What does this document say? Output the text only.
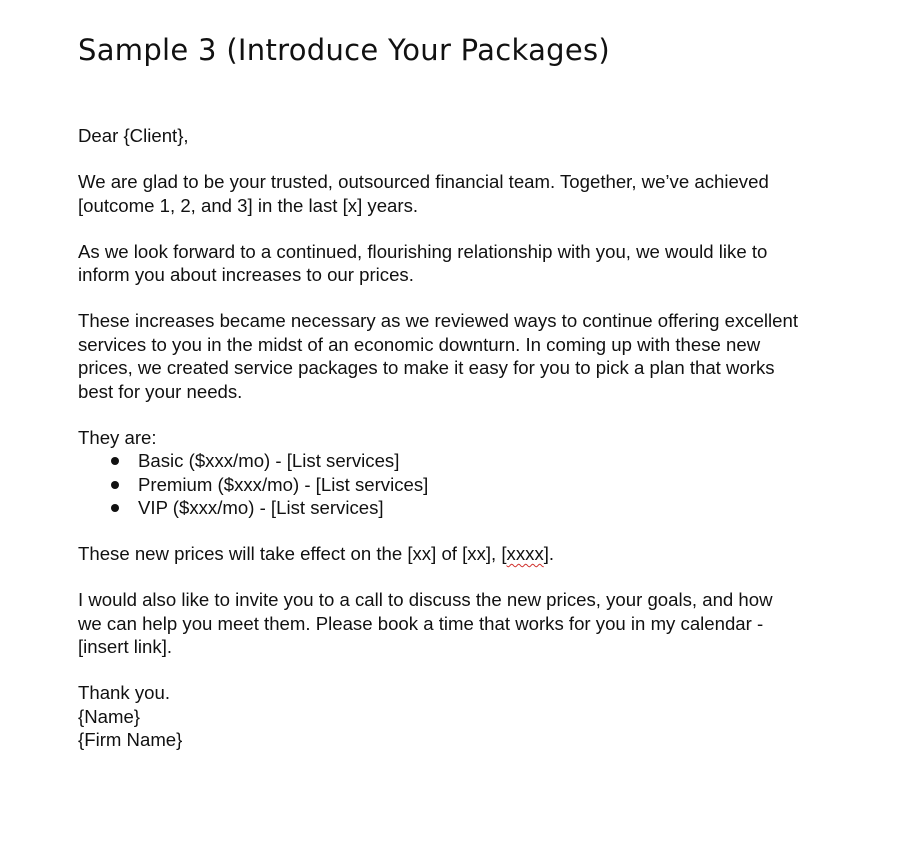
Sample 3 (Introduce Your Packages)

Dear {Client},

We are glad to be your trusted, outsourced financial team. Together, we’ve achieved
[outcome 1, 2, and 3] in the last [x] years.

As we look forward to a continued, flourishing relationship with you, we would like to
inform you about increases to our prices.

These increases became necessary as we reviewed ways to continue offering excellent
services to you in the midst of an economic downturn. In coming up with these new
prices, we created service packages to make it easy for you to pick a plan that works
best for your needs.

They are:

Basic ($xxx/mo) - [List services]
Premium ($xxx/mo) - [List services]
VIP ($xxx/mo) - [List services]

These new prices will take effect on the [xx] of [xx], [xxxx].

I would also like to invite you to a call to discuss the new prices, your goals, and how
we can help you meet them. Please book a time that works for you in my calendar -
[insert link].

Thank you.
{Name}
{Firm Name}
